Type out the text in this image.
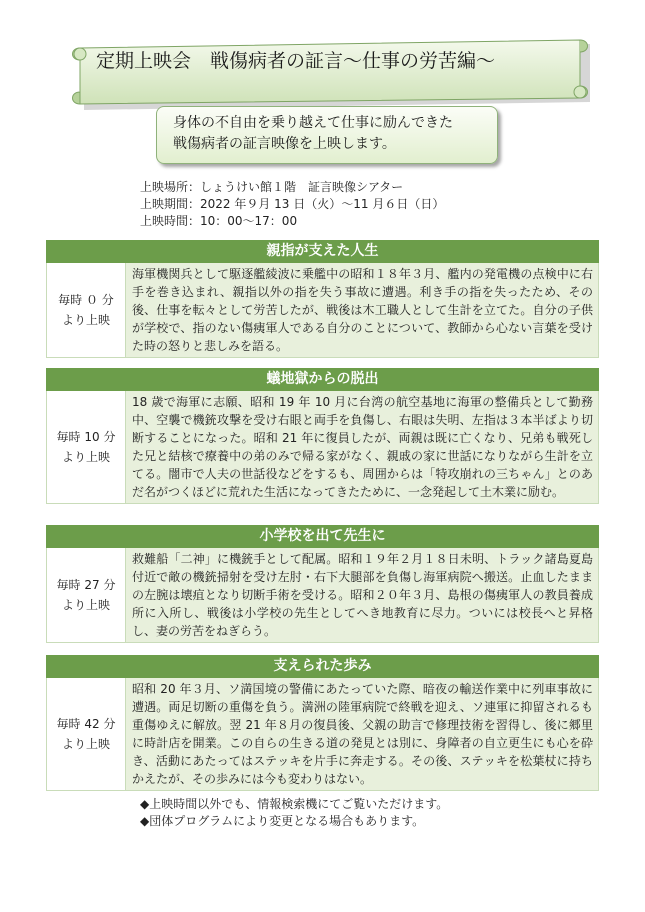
定期上映会　戦傷病者の証言～仕事の労苦編～
身体の不自由を乗り越えて仕事に励んできた
戦傷病者の証言映像を上映します。
上映場所：しょうけい館１階　証言映像シアター
上映期間：2022 年９月 13 日（火）～11 月６日（日）
上映時間：10：00～17：00
親指が支えた人生
毎時 ０ 分
より上映
海軍機関兵として駆逐艦綾波に乗艦中の昭和１８年３月、艦内の発電機の点検中に右手を巻き込まれ、親指以外の指を失う事故に遭遇。利き手の指を失ったため、その後、仕事を転々として労苦したが、戦後は木工職人として生計を立てた。自分の子供が学校で、指のない傷痍軍人である自分のことについて、教師から心ない言葉を受けた時の怒りと悲しみを語る。
蟻地獄からの脱出
毎時 10 分
より上映
18 歳で海軍に志願、昭和 19 年 10 月に台湾の航空基地に海軍の整備兵として勤務中、空襲で機銃攻撃を受け右眼と両手を負傷し、右眼は失明、左指は３本半ばより切断することになった。昭和 21 年に復員したが、両親は既に亡くなり、兄弟も戦死した兄と結核で療養中の弟のみで帰る家がなく、親戚の家に世話になりながら生計を立てる。闇市で人夫の世話役などをするも、周囲からは「特攻崩れの三ちゃん」とのあだ名がつくほどに荒れた生活になってきたために、一念発起して土木業に励む。
小学校を出て先生に
毎時 27 分
より上映
救難船「二神」に機銃手として配属。昭和１９年２月１８日未明、トラック諸島夏島付近で敵の機銃掃射を受け左肘・右下大腿部を負傷し海軍病院へ搬送。止血したままの左腕は壊疽となり切断手術を受ける。昭和２０年３月、島根の傷痍軍人の教員養成所に入所し、戦後は小学校の先生としてへき地教育に尽力。ついには校長へと昇格し、妻の労苦をねぎらう。
支えられた歩み
毎時 42 分
より上映
昭和 20 年３月、ソ満国境の警備にあたっていた際、暗夜の輸送作業中に列車事故に遭遇。両足切断の重傷を負う。満洲の陸軍病院で終戦を迎え、ソ連軍に抑留されるも重傷ゆえに解放。翌 21 年８月の復員後、父親の助言で修理技術を習得し、後に郷里に時計店を開業。この自らの生きる道の発見とは別に、身障者の自立更生にも心を砕き、活動にあたってはステッキを片手に奔走する。その後、ステッキを松葉杖に持ちかえたが、その歩みには今も変わりはない。
◆上映時間以外でも、情報検索機にてご覧いただけます。
◆団体プログラムにより変更となる場合もあります。
